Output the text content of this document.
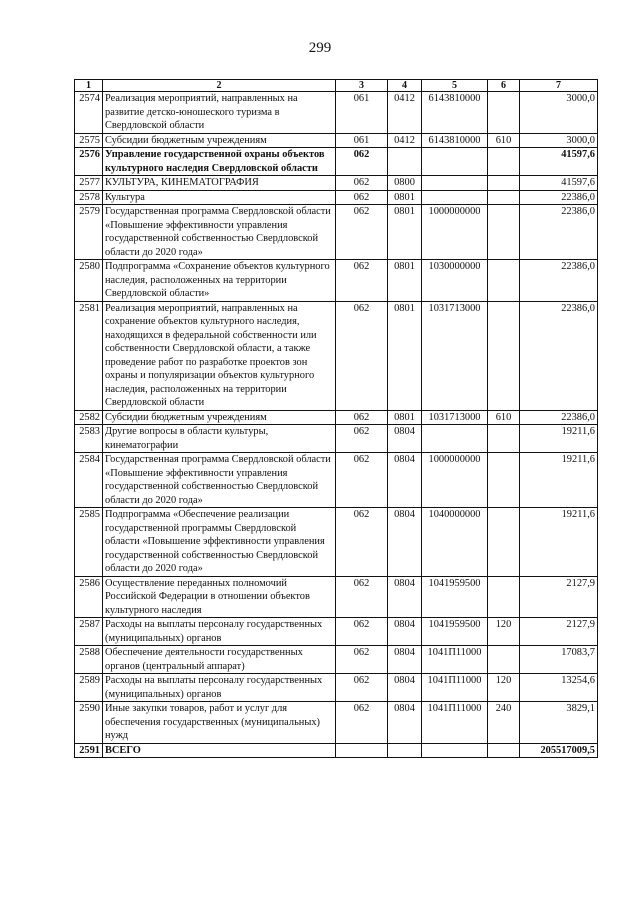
299
1	2	3	4	5	6	7
2574	Реализация мероприятий, направленных на развитие детско-юношеского туризма в Свердловской области	061	0412	6143810000		3000,0
2575	Субсидии бюджетным учреждениям	061	0412	6143810000	610	3000,0
2576	Управление государственной охраны объектов культурного наследия Свердловской области	062				41597,6
2577	КУЛЬТУРА, КИНЕМАТОГРАФИЯ	062	0800			41597,6
2578	Культура	062	0801			22386,0
2579	Государственная программа Свердловской области «Повышение эффективности управления государственной собственностью Свердловской области до 2020 года»	062	0801	1000000000		22386,0
2580	Подпрограмма «Сохранение объектов культурного наследия, расположенных на территории Свердловской области»	062	0801	1030000000		22386,0
2581	Реализация мероприятий, направленных на сохранение объектов культурного наследия, находящихся в федеральной собственности или собственности Свердловской области, а также проведение работ по разработке проектов зон охраны и популяризации объектов культурного наследия, расположенных на территории Свердловской области	062	0801	1031713000		22386,0
2582	Субсидии бюджетным учреждениям	062	0801	1031713000	610	22386,0
2583	Другие вопросы в области культуры, кинематографии	062	0804			19211,6
2584	Государственная программа Свердловской области «Повышение эффективности управления государственной собственностью Свердловской области до 2020 года»	062	0804	1000000000		19211,6
2585	Подпрограмма «Обеспечение реализации государственной программы Свердловской области «Повышение эффективности управления государственной собственностью Свердловской области до 2020 года»	062	0804	1040000000		19211,6
2586	Осуществление переданных полномочий Российской Федерации в отношении объектов культурного наследия	062	0804	1041959500		2127,9
2587	Расходы на выплаты персоналу государственных (муниципальных) органов	062	0804	1041959500	120	2127,9
2588	Обеспечение деятельности государственных органов (центральный аппарат)	062	0804	1041П11000		17083,7
2589	Расходы на выплаты персоналу государственных (муниципальных) органов	062	0804	1041П11000	120	13254,6
2590	Иные закупки товаров, работ и услуг для обеспечения государственных (муниципальных) нужд	062	0804	1041П11000	240	3829,1
2591	ВСЕГО					205517009,5
